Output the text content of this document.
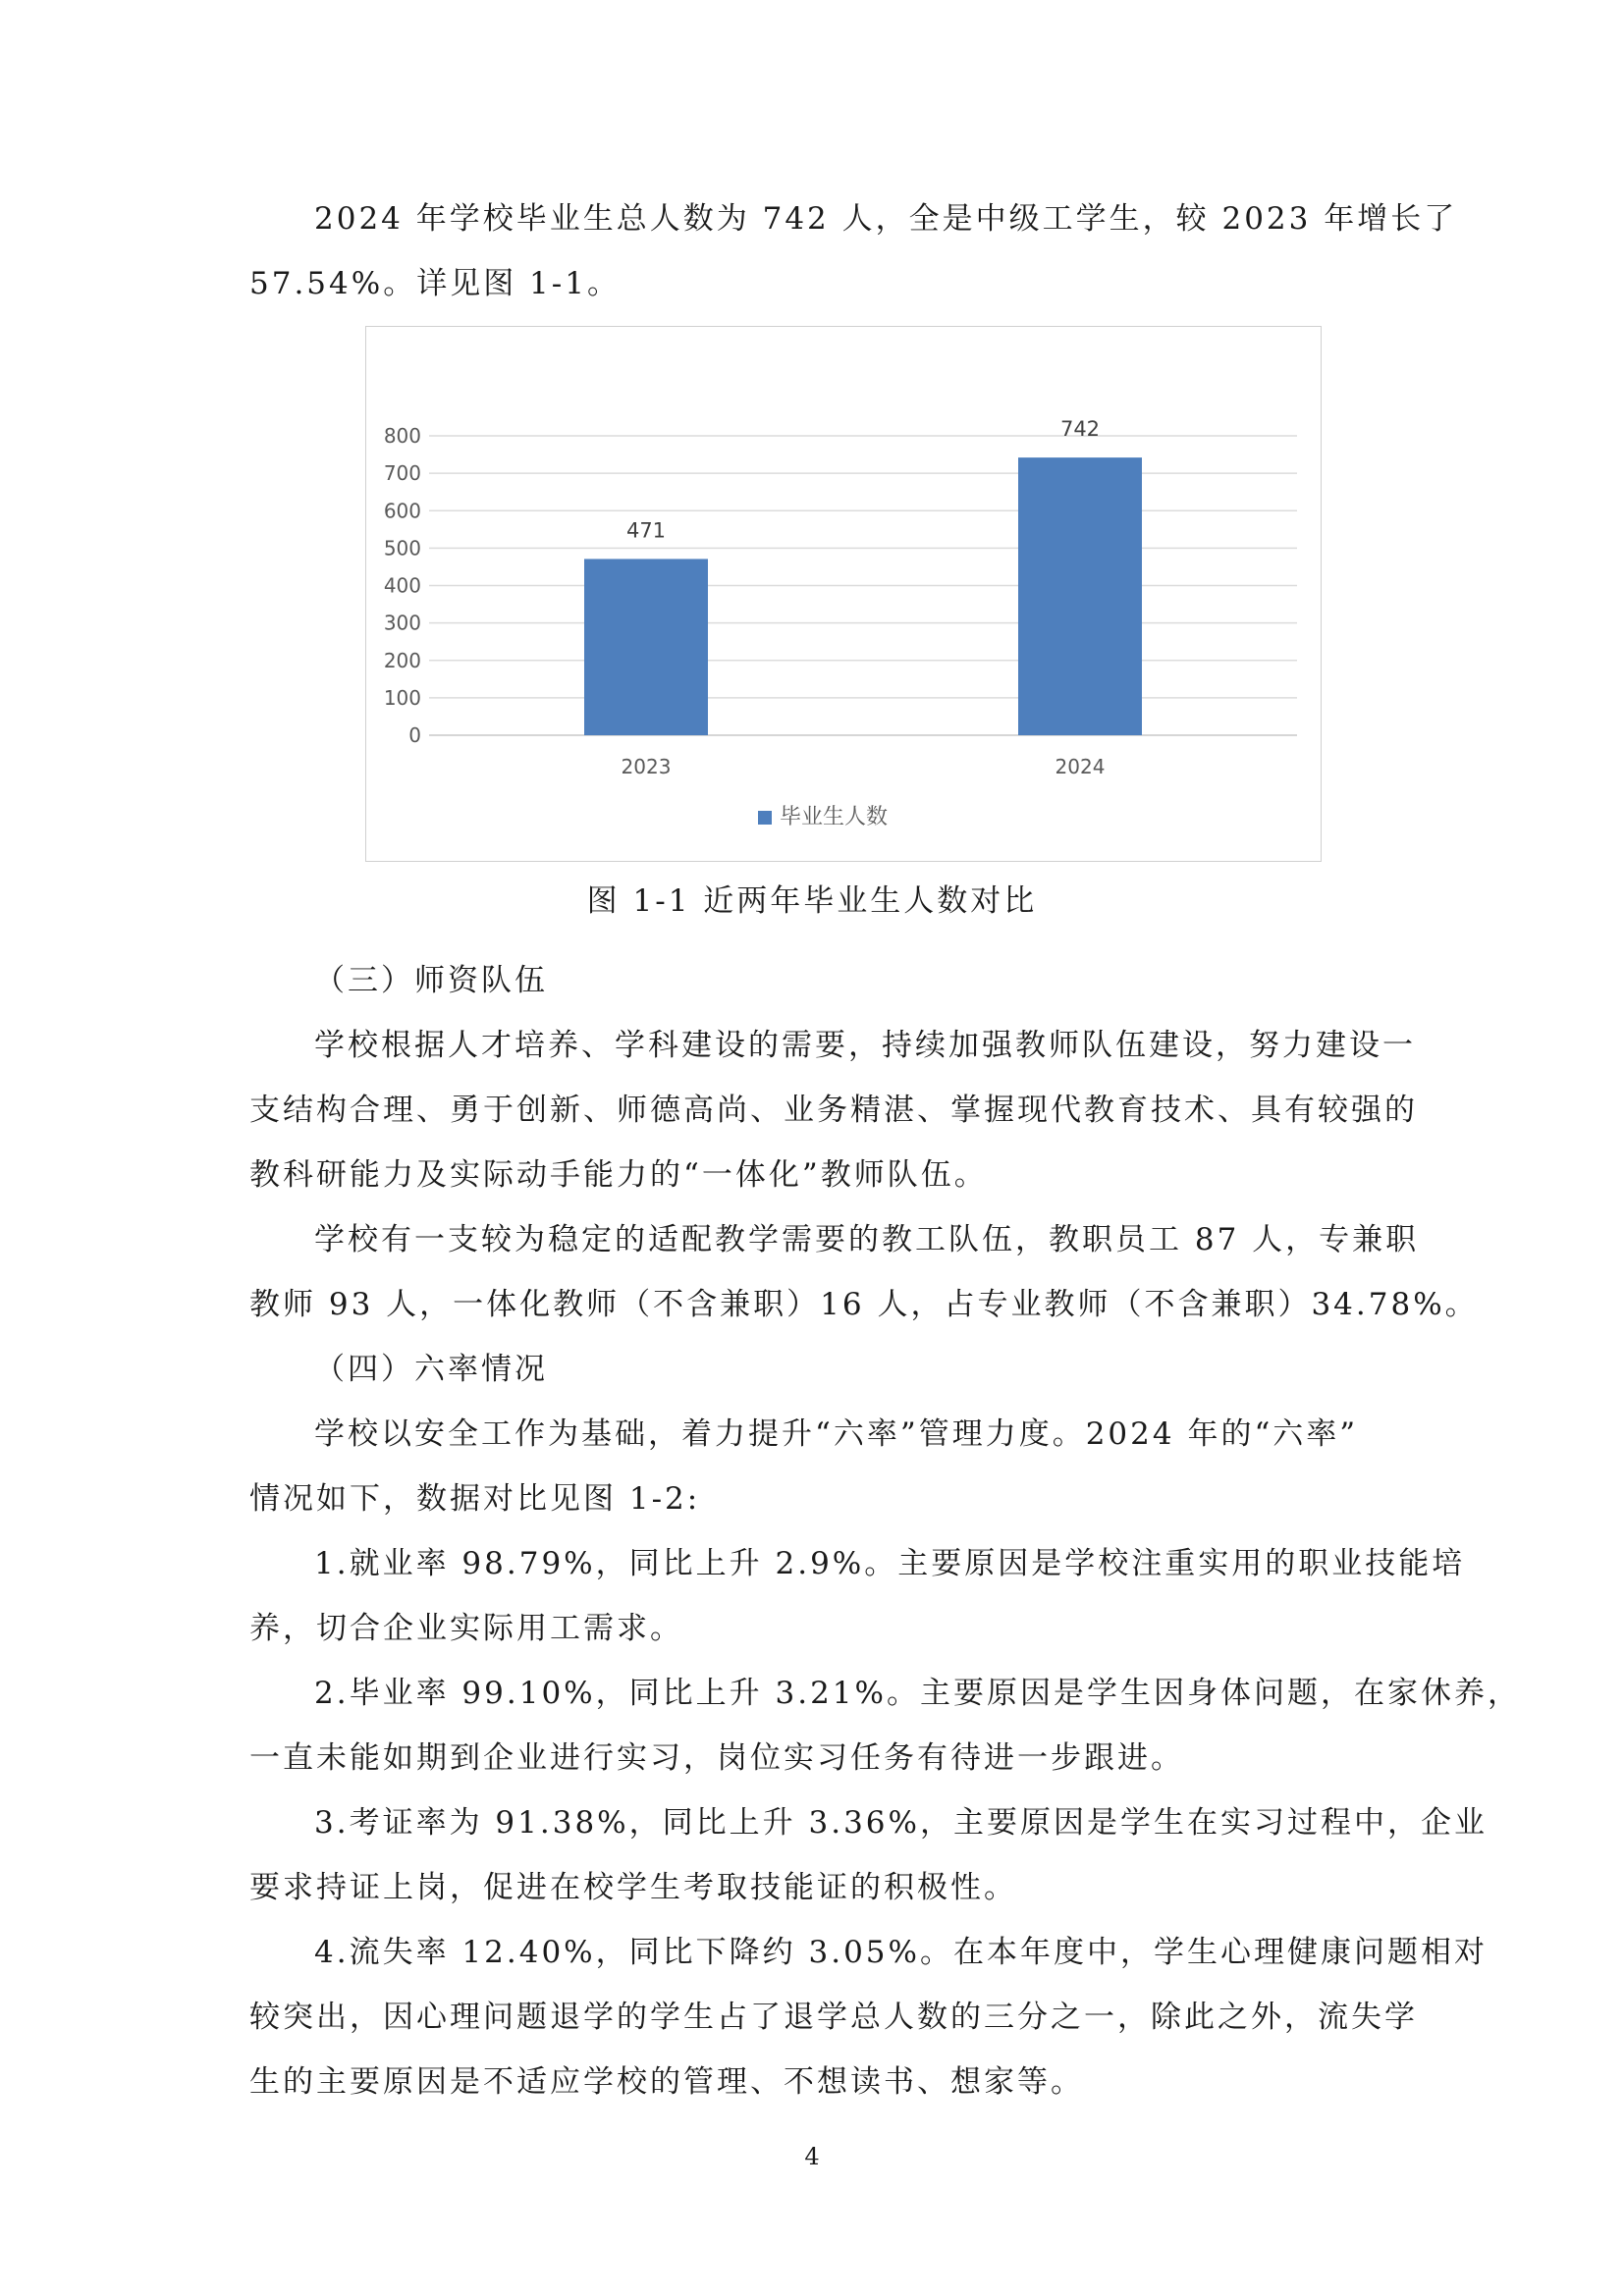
2024 年学校毕业生总人数为 742 人，全是中级工学生，较 2023 年增长了
57.54%。详见图 1-1。

0
100
200
300
400
500
600
700
800
471
2023
742
2024
毕业生人数

图 1-1 近两年毕业生人数对比

（三）师资队伍

学校根据人才培养、学科建设的需要，持续加强教师队伍建设，努力建设一
支结构合理、勇于创新、师德高尚、业务精湛、掌握现代教育技术、具有较强的
教科研能力及实际动手能力的“一体化”教师队伍。

学校有一支较为稳定的适配教学需要的教工队伍，教职员工 87 人，专兼职
教师 93 人，一体化教师（不含兼职）16 人，占专业教师（不含兼职）34.78%。

（四）六率情况

学校以安全工作为基础，着力提升“六率”管理力度。2024 年的“六率”
情况如下，数据对比见图 1-2:

1.就业率 98.79%，同比上升 2.9%。主要原因是学校注重实用的职业技能培
养，切合企业实际用工需求。

2.毕业率 99.10%，同比上升 3.21%。主要原因是学生因身体问题，在家休养，
一直未能如期到企业进行实习，岗位实习任务有待进一步跟进。

3.考证率为 91.38%，同比上升 3.36%，主要原因是学生在实习过程中，企业
要求持证上岗，促进在校学生考取技能证的积极性。

4.流失率 12.40%，同比下降约 3.05%。在本年度中，学生心理健康问题相对
较突出，因心理问题退学的学生占了退学总人数的三分之一，除此之外，流失学
生的主要原因是不适应学校的管理、不想读书、想家等。

4
